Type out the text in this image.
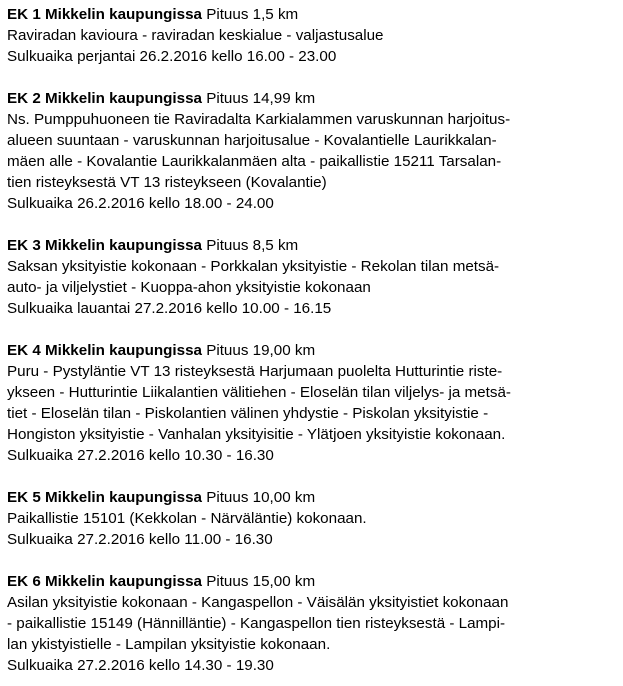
EK 1 Mikkelin kaupungissa Pituus 1,5 km
Raviradan kavioura - raviradan keskialue - valjastusalue
Sulkuaika perjantai 26.2.2016 kello 16.00 - 23.00
EK 2 Mikkelin kaupungissa Pituus 14,99 km
Ns. Pumppuhuoneen tie Raviradalta Karkialammen varuskunnan harjoitus-
alueen suuntaan - varuskunnan harjoitusalue - Kovalantielle Laurikkalan-
mäen alle - Kovalantie Laurikkalanmäen alta - paikallistie 15211 Tarsalan-
tien risteyksestä VT 13 risteykseen (Kovalantie)
Sulkuaika 26.2.2016 kello 18.00 - 24.00
EK 3 Mikkelin kaupungissa Pituus 8,5 km
Saksan yksityistie kokonaan - Porkkalan yksityistie - Rekolan tilan metsä-
auto- ja viljelystiet - Kuoppa-ahon yksityistie kokonaan
Sulkuaika lauantai 27.2.2016 kello 10.00 - 16.15
EK 4 Mikkelin kaupungissa Pituus 19,00 km
Puru - Pystyläntie VT 13 risteyksestä Harjumaan puolelta Hutturintie riste-
ykseen - Hutturintie Liikalantien välitiehen - Eloselän tilan viljelys- ja metsä-
tiet - Eloselän tilan - Piskolantien välinen yhdystie - Piskolan yksityistie -
Hongiston yksityistie - Vanhalan yksityisitie - Ylätjoen yksityistie kokonaan.
Sulkuaika 27.2.2016 kello 10.30 - 16.30
EK 5 Mikkelin kaupungissa Pituus 10,00 km
Paikallistie 15101 (Kekkolan - Närväläntie) kokonaan.
Sulkuaika 27.2.2016 kello 11.00 - 16.30
EK 6 Mikkelin kaupungissa Pituus 15,00 km
Asilan yksityistie kokonaan - Kangaspellon - Väisälän yksityistiet kokonaan
- paikallistie 15149 (Hännilläntie) - Kangaspellon tien risteyksestä - Lampi-
lan ykistyistielle - Lampilan yksityistie kokonaan.
Sulkuaika 27.2.2016 kello 14.30 - 19.30
